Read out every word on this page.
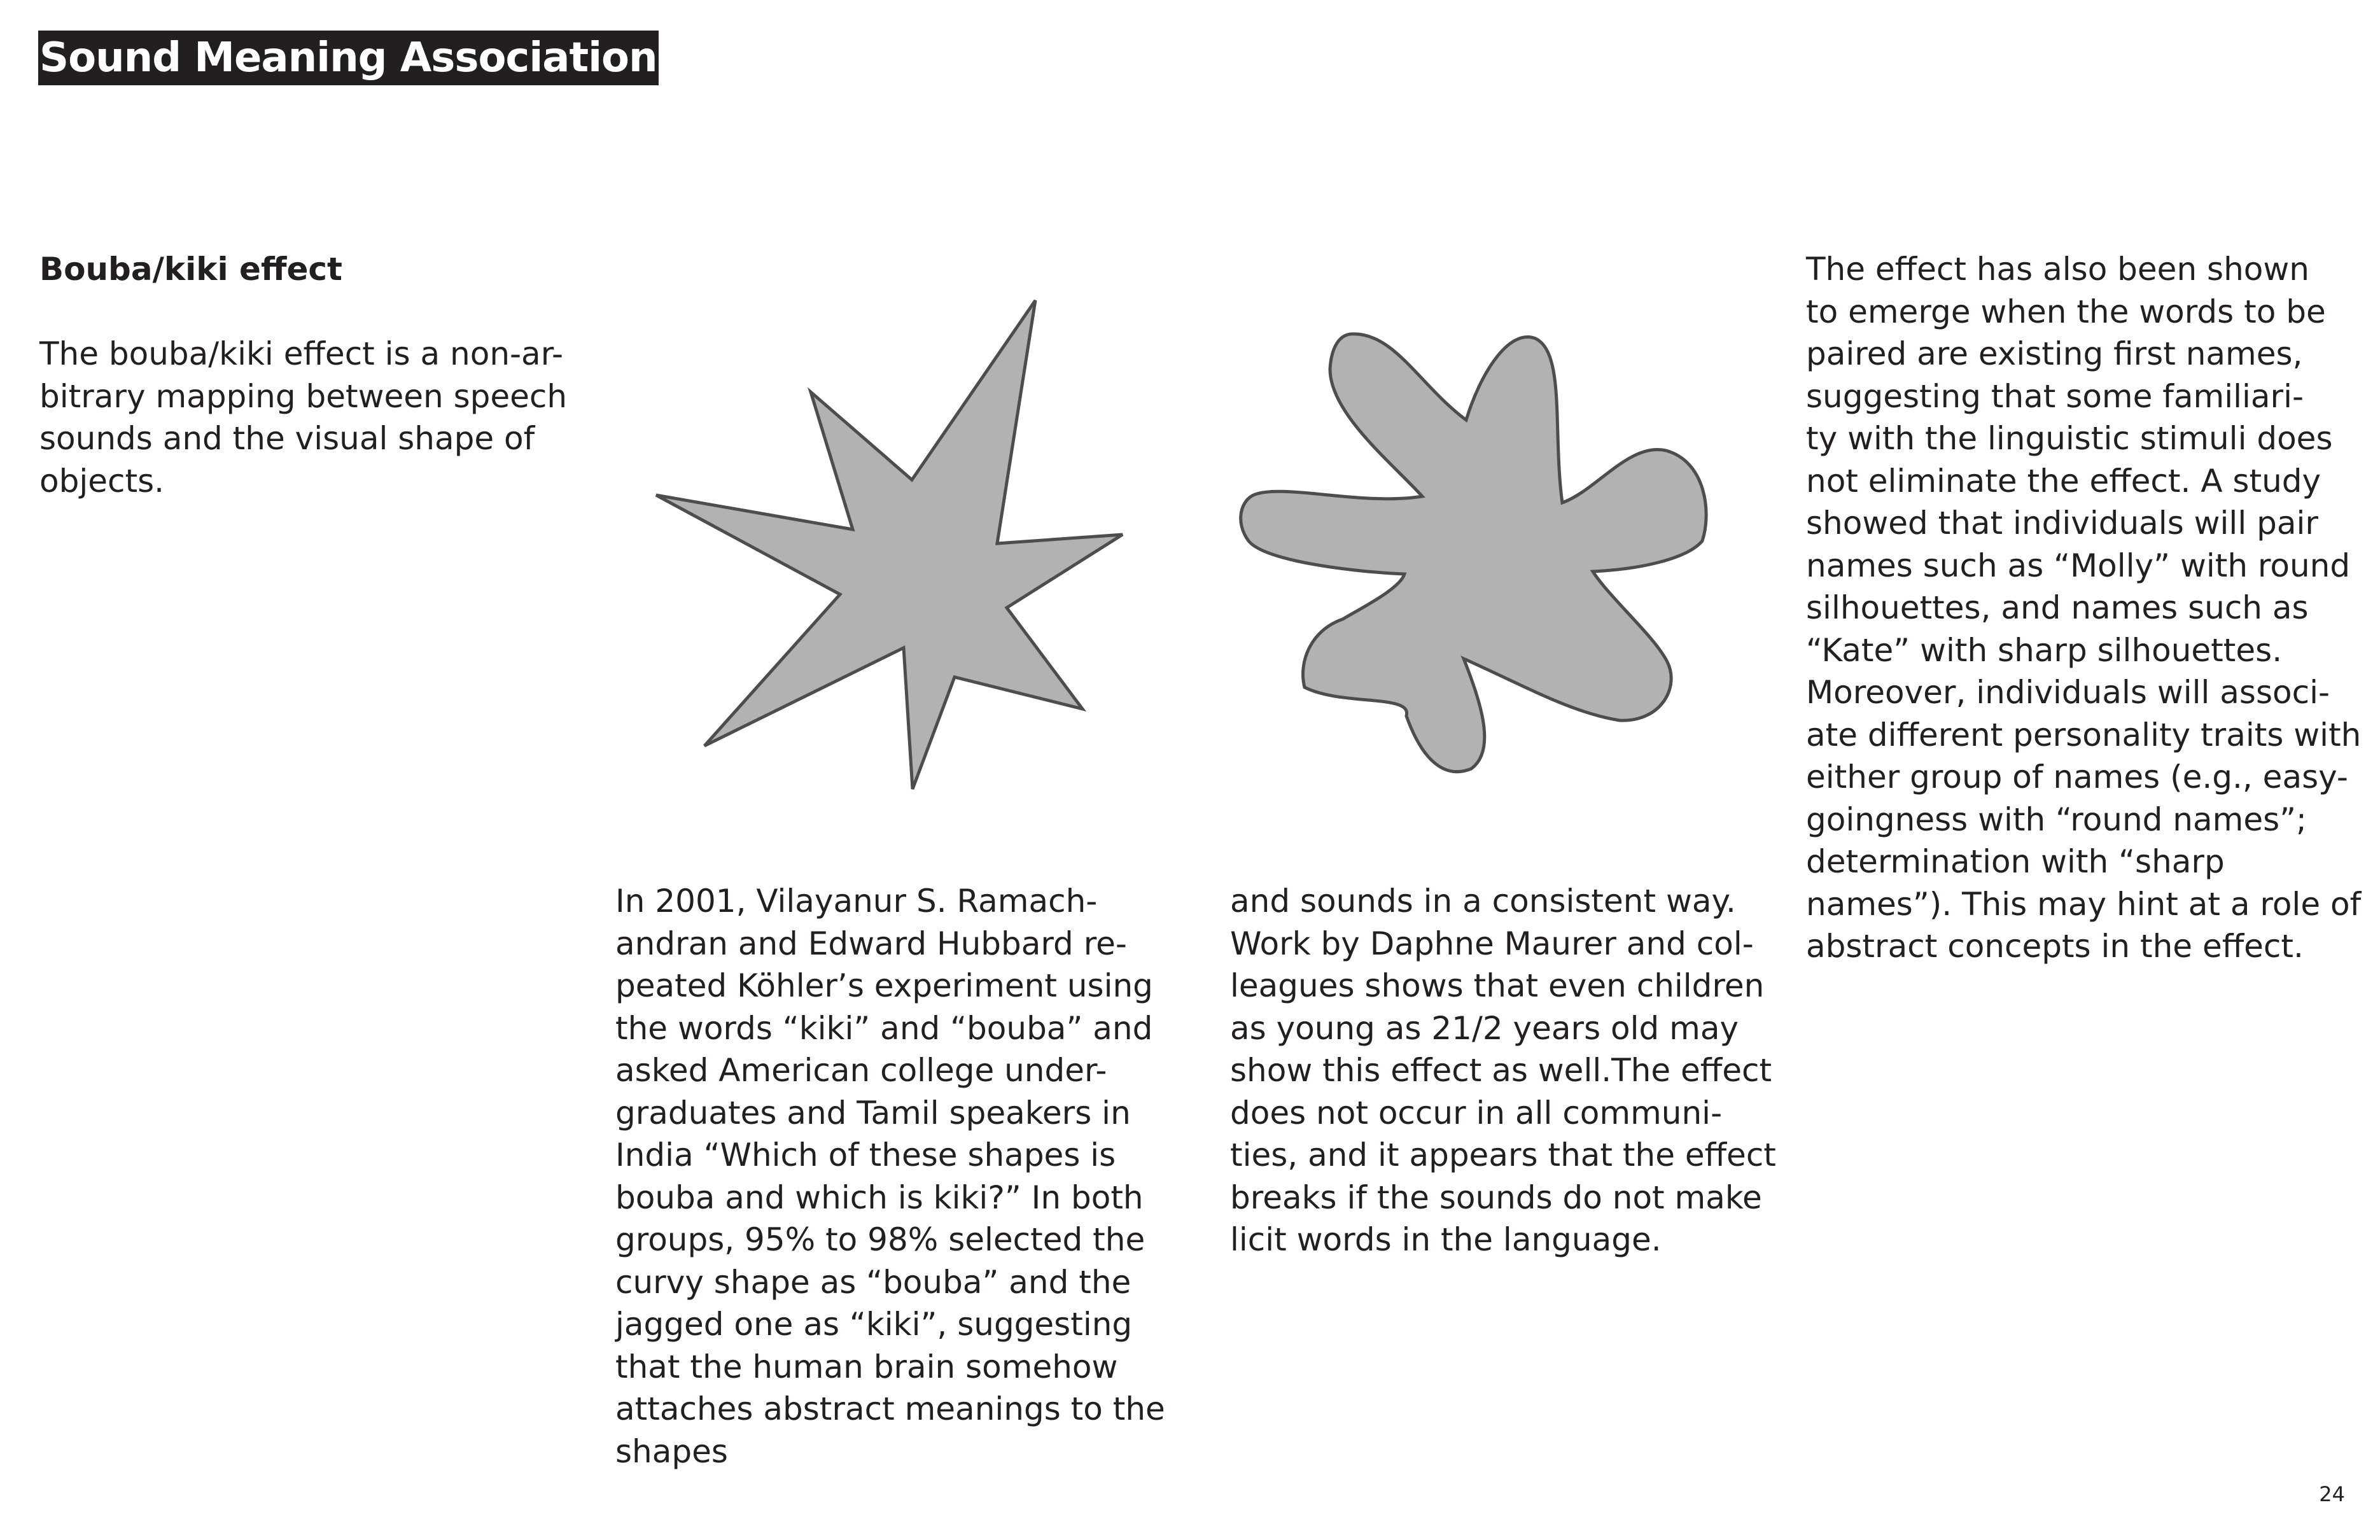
Sound Meaning Association
Bouba/kiki effect
The bouba/kiki effect is a non-ar-
bitrary mapping between speech
sounds and the visual shape of
objects.
In 2001, Vilayanur S. Ramach-
andran and Edward Hubbard re-
peated Köhler’s experiment using
the words “kiki” and “bouba” and
asked American college under-
graduates and Tamil speakers in
India “Which of these shapes is
bouba and which is kiki?” In both
groups, 95% to 98% selected the
curvy shape as “bouba” and the
jagged one as “kiki”, suggesting
that the human brain somehow
attaches abstract meanings to the
shapes
and sounds in a consistent way.
Work by Daphne Maurer and col-
leagues shows that even children
as young as 21/2 years old may
show this effect as well.The effect
does not occur in all communi-
ties, and it appears that the effect
breaks if the sounds do not make
licit words in the language.
The effect has also been shown
to emerge when the words to be
paired are existing first names,
suggesting that some familiari-
ty with the linguistic stimuli does
not eliminate the effect. A study
showed that individuals will pair
names such as “Molly” with round
silhouettes, and names such as
“Kate” with sharp silhouettes.
Moreover, individuals will associ-
ate different personality traits with
either group of names (e.g., easy-
goingness with “round names”;
determination with “sharp
names”). This may hint at a role of
abstract concepts in the effect.
24
